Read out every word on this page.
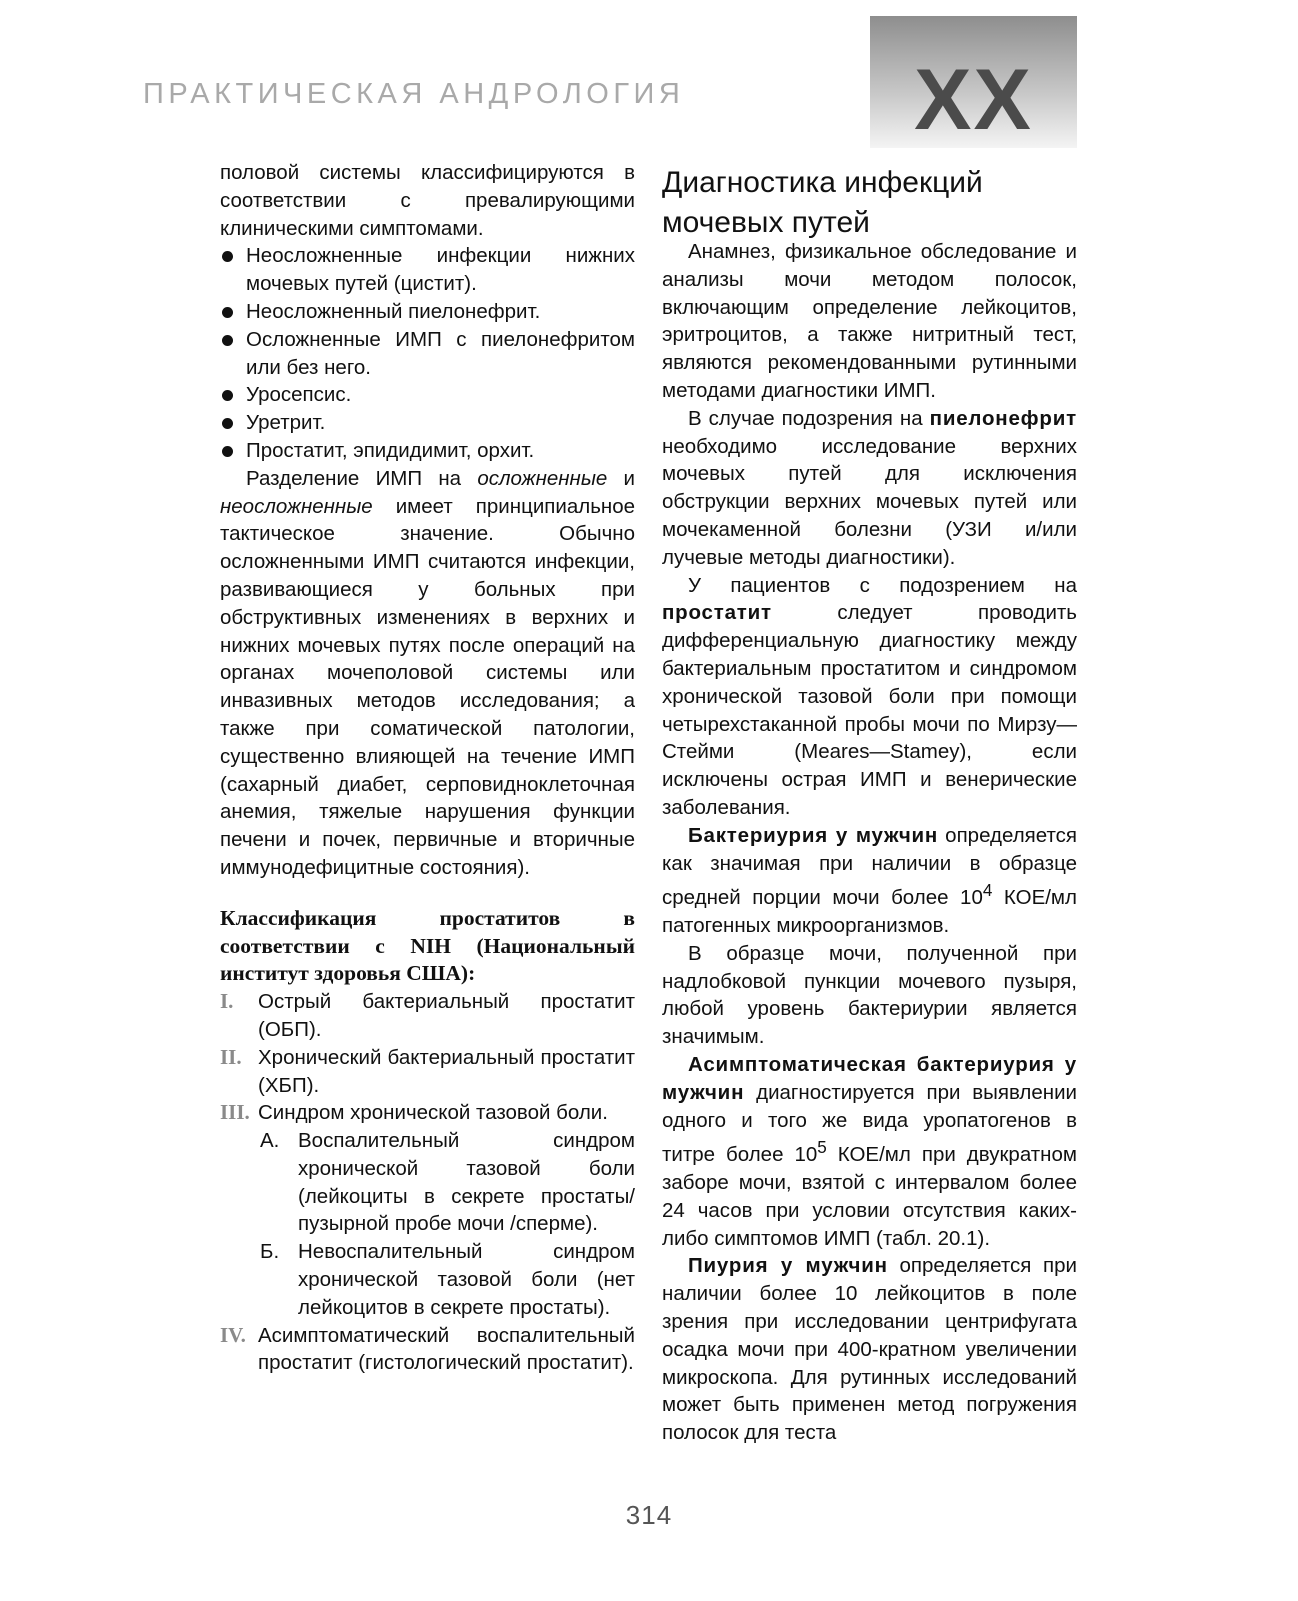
ПРАКТИЧЕСКАЯ АНДРОЛОГИЯ	XX

половой системы классифицируются в соответствии с превалирующими клиническими симптомами.

Неосложненные инфекции нижних мочевых путей (цистит).
Неосложненный пиелонефрит.
Осложненные ИМП с пиелонефритом или без него.
Уросепсис.
Уретрит.
Простатит, эпидидимит, орхит.

Разделение ИМП на осложненные и неосложненные имеет принципиальное тактическое значение. Обычно осложненными ИМП считаются инфекции, развивающиеся у больных при обструктивных изменениях в верхних и нижних мочевых путях после операций на органах мочеполовой системы или инвазивных методов исследования; а также при соматической патологии, существенно влияющей на течение ИМП (сахарный диабет, серповидноклеточная анемия, тяжелые нарушения функции печени и почек, первичные и вторичные иммунодефицитные состояния).

Классификация простатитов в соответствии с NIH (Национальный институт здоровья США):
I. Острый бактериальный простатит (ОБП).
II. Хронический бактериальный простатит (ХБП).
III. Синдром хронической тазовой боли.
А. Воспалительный синдром хронической тазовой боли (лейкоциты в секрете простаты/пузырной пробе мочи /сперме).
Б. Невоспалительный синдром хронической тазовой боли (нет лейкоцитов в секрете простаты).
IV. Асимптоматический воспалительный простатит (гистологический простатит).
Диагностика инфекций мочевых путей

Анамнез, физикальное обследование и анализы мочи методом полосок, включающим определение лейкоцитов, эритроцитов, а также нитритный тест, являются рекомендованными рутинными методами диагностики ИМП.

В случае подозрения на пиелонефрит необходимо исследование верхних мочевых путей для исключения обструкции верхних мочевых путей или мочекаменной болезни (УЗИ и/или лучевые методы диагностики).

У пациентов с подозрением на простатит следует проводить дифференциальную диагностику между бактериальным простатитом и синдромом хронической тазовой боли при помощи четырехстаканной пробы мочи по Мирзу—Стейми (Meares—Stamey), если исключены острая ИМП и венерические заболевания.

Бактериурия у мужчин определяется как значимая при наличии в образце средней порции мочи более $10^4$ КОЕ/мл патогенных микроорганизмов.

В образце мочи, полученной при надлобковой пункции мочевого пузыря, любой уровень бактериурии является значимым.

Асимптоматическая бактериурия у мужчин диагностируется при выявлении одного и того же вида уропатогенов в титре более $10^5$ КОЕ/мл при двукратном заборе мочи, взятой с интервалом более 24 часов при условии отсутствия каких-либо симптомов ИМП (табл. 20.1).

Пиурия у мужчин определяется при наличии более 10 лейкоцитов в поле зрения при исследовании центрифугата осадка мочи при 400-кратном увеличении микроскопа. Для рутинных исследований может быть применен метод погружения полосок для теста

314
